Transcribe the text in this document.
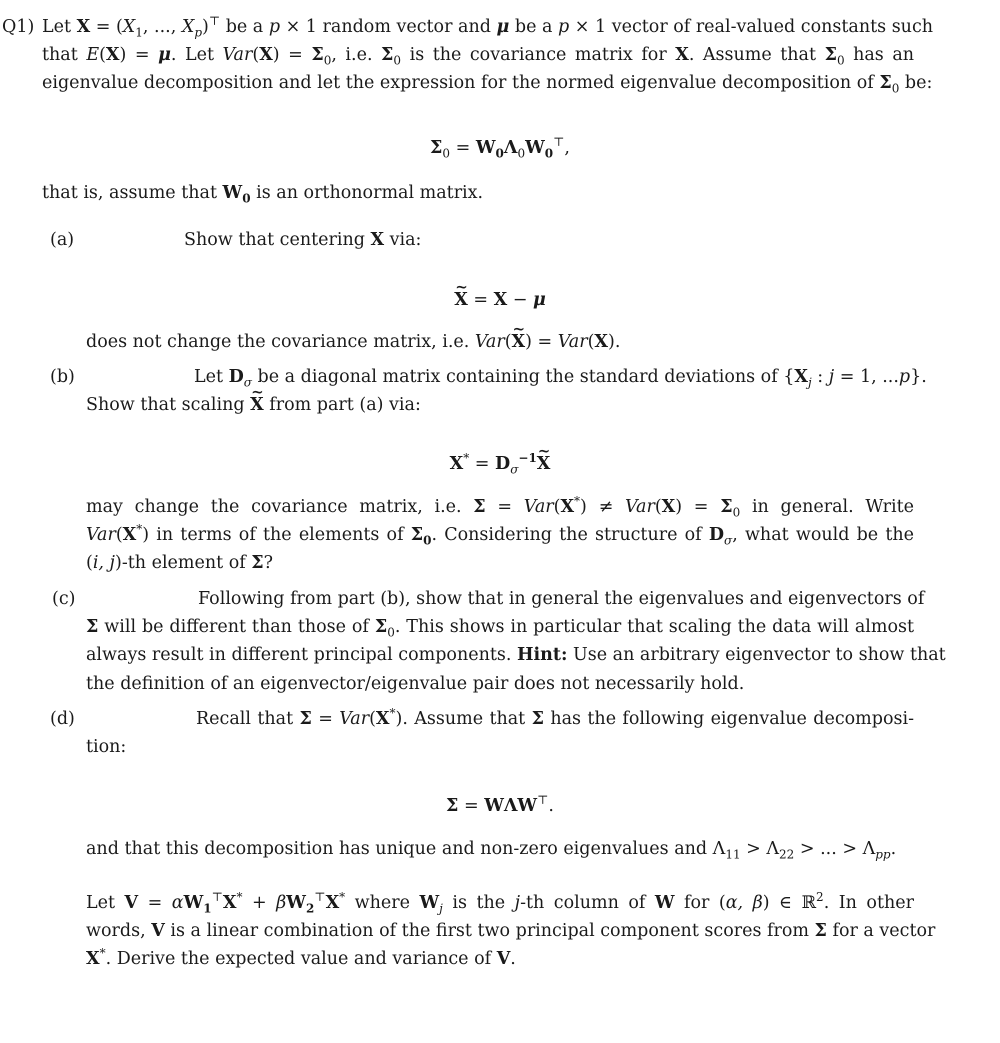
Q1) Let $X = (X_1$, ..., $X_p)^⊤$ be a p × 1 random vector and μ be a p × 1 vector of real-valued constants such
that E(X) = μ. Let $Var(X) = \Sigma_0$, i.e. $\Sigma_0$ is the covariance matrix for X. Assume that $\Sigma_0$ has an
eigenvalue decomposition and let the expression for the normed eigenvalue decomposition of $\Sigma_0$ be:
$\Sigma_0 = W_0\Lambda_0W_0^⊤$,
that is, assume that $W_0$ is an orthonormal matrix.
(a)	Show that centering X via:
~ X = X − μ
does not change the covariance matrix, i.e. Var(~ X) = Var(X).
(b)	Let $D_\sigma$ be a diagonal matrix containing the standard deviations of {$X_j$ : j = 1, ...p}.
Show that scaling ~ X from part (a) via:
$X^* = D_\sigma^{-1}\sim$ X
may change the covariance matrix, i.e. $\Sigma = Var(X^*) \ne Var(X) = \Sigma_0$ in general. Write
Var(X*) in terms of the elements of $\Sigma_0$. Considering the structure of $D_\sigma$, what would be the
(i, j)-th element of Σ?
(c)	Following from part (b), show that in general the eigenvalues and eigenvectors of
Σ will be different than those of $\Sigma_0$. This shows in particular that scaling the data will almost
always result in different principal components. Hint: Use an arbitrary eigenvector to show that
the definition of an eigenvector/eigenvalue pair does not necessarily hold.
(d)	Recall that Σ = Var(X*). Assume that Σ has the following eigenvalue decomposi-
tion:
Σ = WΛW⊤.
and that this decomposition has unique and non-zero eigenvalues and $\Lambda_{11} > \Lambda_{22}$ > ... > $\Lambda_{pp}$.
Let $V = \alpha W_1^⊤X^* + \beta W_2^⊤X^*$ where $W_j$ is the j-th column of W for (α, β) ∈ ℝ$^2$. In other
words, V is a linear combination of the first two principal component scores from Σ for a vector
X*. Derive the expected value and variance of V.
